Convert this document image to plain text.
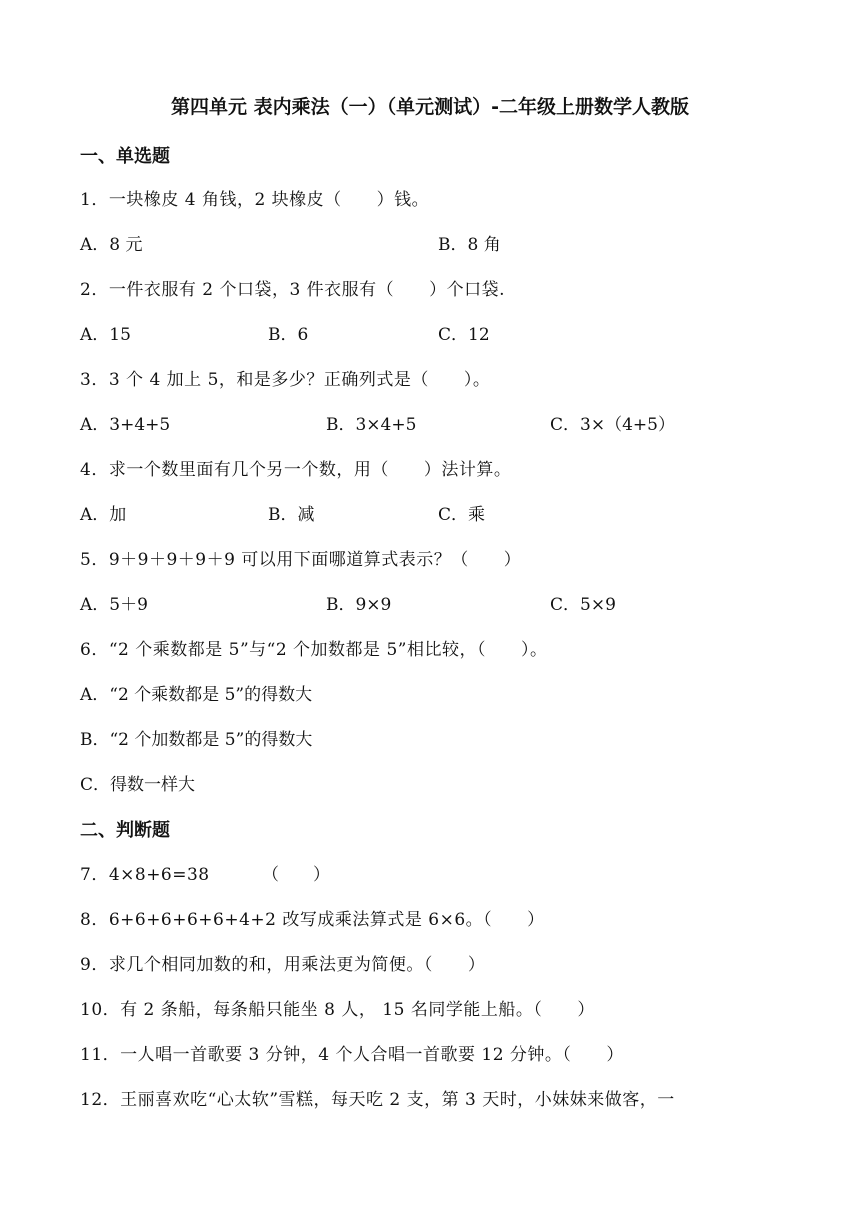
第四单元 表内乘法（一）（单元测试）-二年级上册数学人教版
一、单选题
1．一块橡皮 4 角钱，2 块橡皮（　　）钱。
A．8 元	B．8 角
2．一件衣服有 2 个口袋，3 件衣服有（　　）个口袋.
A．15	B．6	C．12
3．3 个 4 加上 5，和是多少？正确列式是（　　）。
A．3+4+5	B．3×4+5	C．3×（4+5）
4．求一个数里面有几个另一个数，用（　　）法计算。
A．加	B．减	C．乘
5．9＋9＋9＋9＋9 可以用下面哪道算式表示？（　　）
A．5＋9	B．9×9	C．5×9
6．“2 个乘数都是 5”与“2 个加数都是 5”相比较，（　　）。
A．“2 个乘数都是 5”的得数大
B．“2 个加数都是 5”的得数大
C．得数一样大
二、判断题
7．4×8+6=38	（　　）
8．6+6+6+6+6+4+2 改写成乘法算式是 6×6。（　　）
9．求几个相同加数的和，用乘法更为简便。（　　）
10．有 2 条船，每条船只能坐 8 人， 15 名同学能上船。（　　）
11．一人唱一首歌要 3 分钟，4 个人合唱一首歌要 12 分钟。（　　）
12．王丽喜欢吃“心太软”雪糕，每天吃 2 支，第 3 天时，小妹妹来做客，一
